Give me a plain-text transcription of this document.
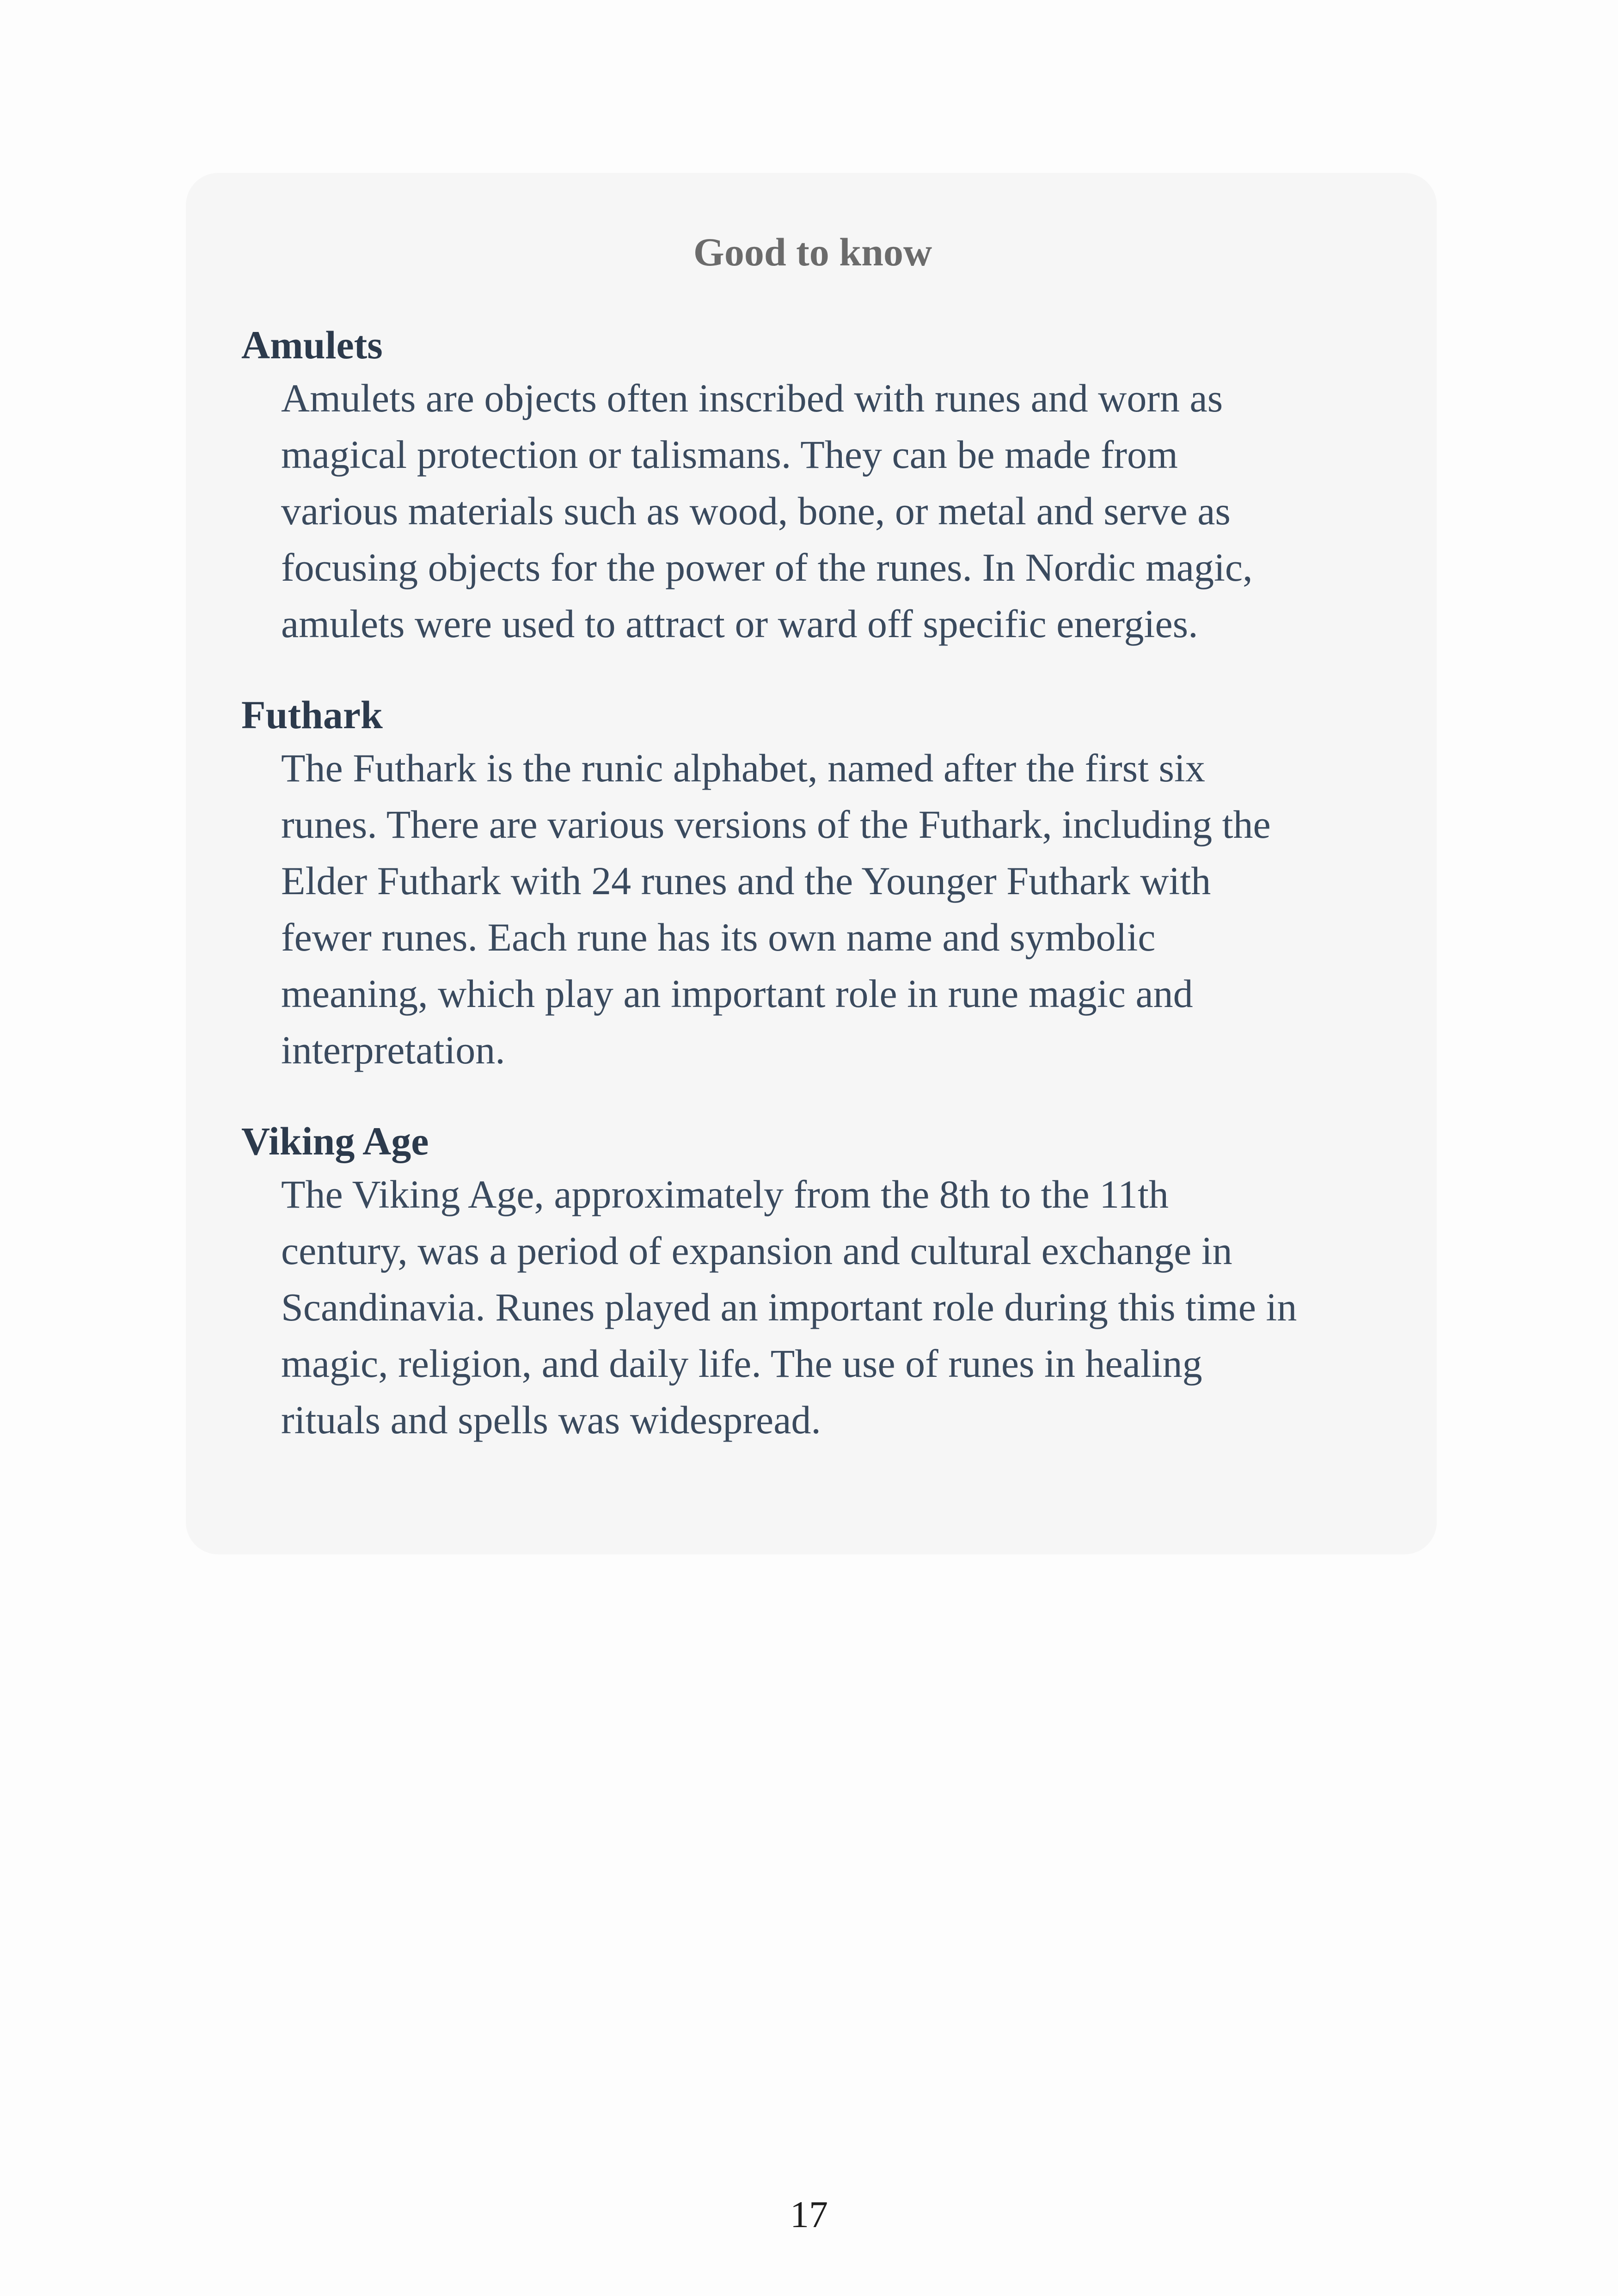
Good to know
Amulets

Amulets are objects often inscribed with runes and worn as
magical protection or talismans. They can be made from
various materials such as wood, bone, or metal and serve as
focusing objects for the power of the runes. In Nordic magic,
amulets were used to attract or ward off specific energies.

Futhark

The Futhark is the runic alphabet, named after the first six
runes. There are various versions of the Futhark, including the
Elder Futhark with 24 runes and the Younger Futhark with
fewer runes. Each rune has its own name and symbolic
meaning, which play an important role in rune magic and
interpretation.

Viking Age

The Viking Age, approximately from the 8th to the 11th
century, was a period of expansion and cultural exchange in
Scandinavia. Runes played an important role during this time in
magic, religion, and daily life. The use of runes in healing
rituals and spells was widespread.

17
